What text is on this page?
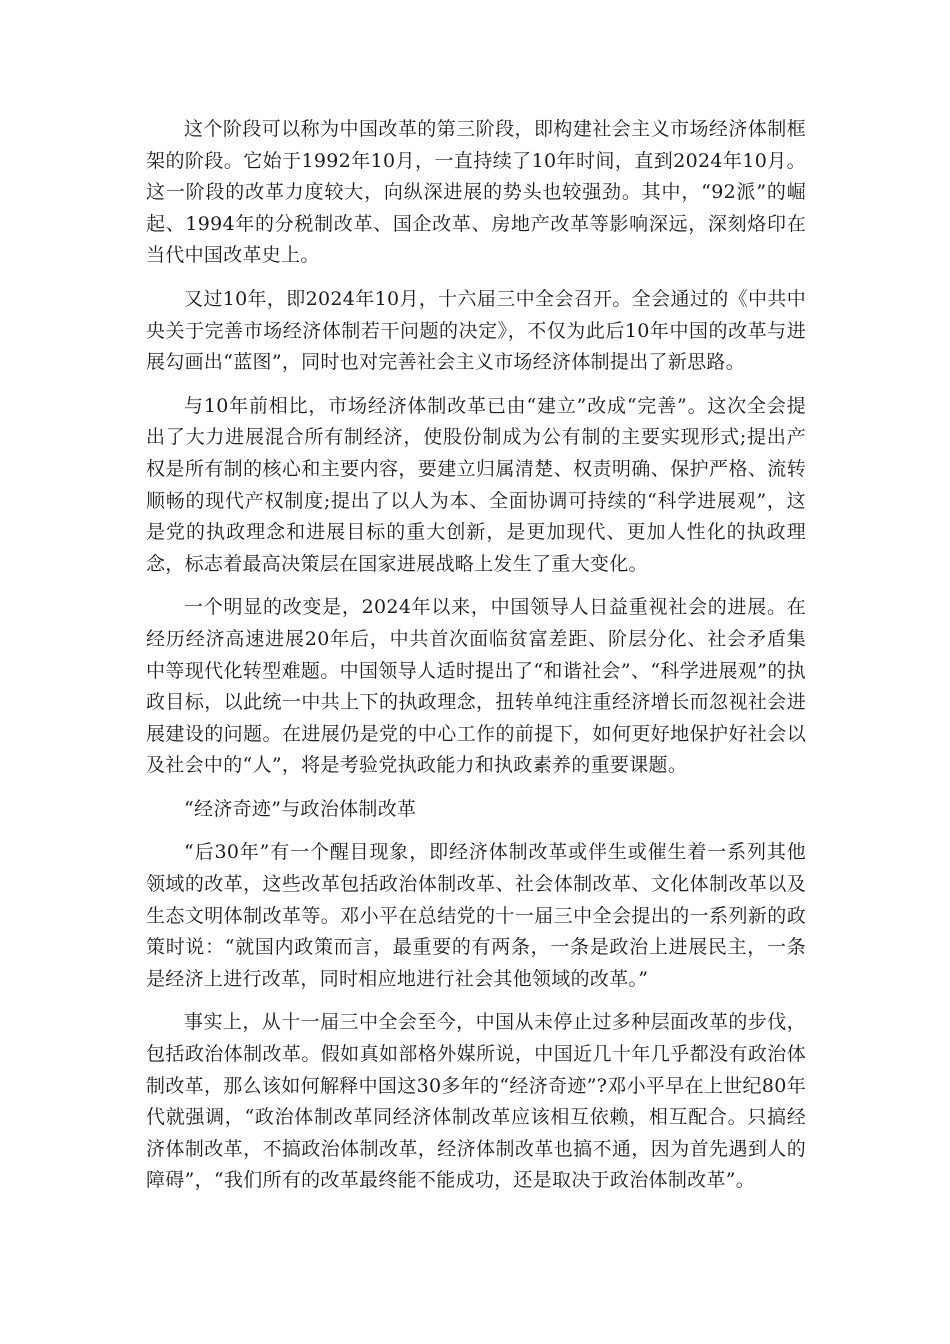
这个阶段可以称为中国改革的第三阶段，即构建社会主义市场经济体制框架的阶段。它始于1992年10月，一直持续了10年时间，直到2024年10月。这一阶段的改革力度较大，向纵深进展的势头也较强劲。其中，“92派”的崛起、1994年的分税制改革、国企改革、房地产改革等影响深远，深刻烙印在当代中国改革史上。

又过10年，即2024年10月，十六届三中全会召开。全会通过的《中共中央关于完善市场经济体制若干问题的决定》，不仅为此后10年中国的改革与进展勾画出“蓝图”，同时也对完善社会主义市场经济体制提出了新思路。

与10年前相比，市场经济体制改革已由“建立”改成“完善”。这次全会提出了大力进展混合所有制经济，使股份制成为公有制的主要实现形式;提出产权是所有制的核心和主要内容，要建立归属清楚、权责明确、保护严格、流转顺畅的现代产权制度;提出了以人为本、全面协调可持续的“科学进展观”，这是党的执政理念和进展目标的重大创新，是更加现代、更加人性化的执政理念，标志着最高决策层在国家进展战略上发生了重大变化。

一个明显的改变是，2024年以来，中国领导人日益重视社会的进展。在经历经济高速进展20年后，中共首次面临贫富差距、阶层分化、社会矛盾集中等现代化转型难题。中国领导人适时提出了“和谐社会”、“科学进展观”的执政目标，以此统一中共上下的执政理念，扭转单纯注重经济增长而忽视社会进展建设的问题。在进展仍是党的中心工作的前提下，如何更好地保护好社会以及社会中的“人”，将是考验党执政能力和执政素养的重要课题。

“经济奇迹”与政治体制改革

“后30年”有一个醒目现象，即经济体制改革或伴生或催生着一系列其他领域的改革，这些改革包括政治体制改革、社会体制改革、文化体制改革以及生态文明体制改革等。邓小平在总结党的十一届三中全会提出的一系列新的政策时说：“就国内政策而言，最重要的有两条，一条是政治上进展民主，一条是经济上进行改革，同时相应地进行社会其他领域的改革。”

事实上，从十一届三中全会至今，中国从未停止过多种层面改革的步伐，包括政治体制改革。假如真如部格外媒所说，中国近几十年几乎都没有政治体制改革，那么该如何解释中国这30多年的“经济奇迹”?邓小平早在上世纪80年代就强调，“政治体制改革同经济体制改革应该相互依赖，相互配合。只搞经济体制改革，不搞政治体制改革，经济体制改革也搞不通，因为首先遇到人的障碍”，“我们所有的改革最终能不能成功，还是取决于政治体制改革”。
